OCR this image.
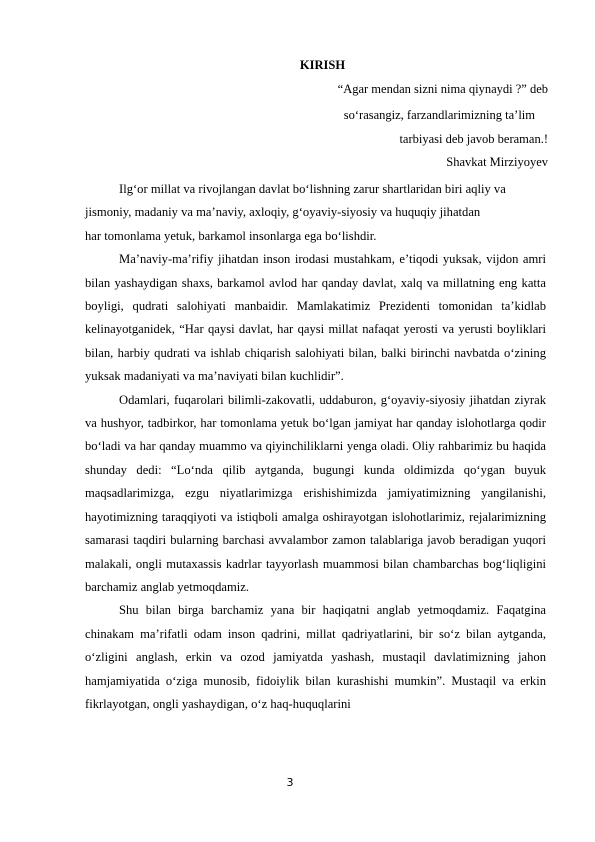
KIRISH
“Agar mendan sizni nima qiynaydi ?” deb
so‘rasangiz, farzandlarimizning ta’lim
tarbiyasi deb javob beraman.!
Shavkat Mirziyoyev

Ilg‘or millat va rivojlangan davlat bo‘lishning zarur shartlaridan biri aqliy va
jismoniy, madaniy va ma’naviy, axloqiy, g‘oyaviy-siyosiy va huquqiy jihatdan
har tomonlama yetuk, barkamol insonlarga ega bo‘lishdir.

Ma’naviy-ma’rifiy jihatdan inson irodasi mustahkam, e’tiqodi yuksak, vijdon amri bilan yashaydigan shaxs, barkamol avlod har qanday davlat, xalq va millatning eng katta boyligi, qudrati salohiyati manbaidir. Mamlakatimiz Prezidenti tomonidan ta’kidlab kelinayotganidek, “Har qaysi davlat, har qaysi millat nafaqat yerosti va yerusti boyliklari bilan, harbiy qudrati va ishlab chiqarish salohiyati bilan, balki birinchi navbatda o‘zining yuksak madaniyati va ma’naviyati bilan kuchlidir”.

Odamlari, fuqarolari bilimli-zakovatli, uddaburon, g‘oyaviy-siyosiy jihatdan ziyrak va hushyor, tadbirkor, har tomonlama yetuk bo‘lgan jamiyat har qanday islohotlarga qodir bo‘ladi va har qanday muammo va qiyinchiliklarni yenga oladi. Oliy rahbarimiz bu haqida shunday dedi: “Lo‘nda qilib aytganda, bugungi kunda oldimizda qo‘ygan buyuk maqsadlarimizga, ezgu niyatlarimizga erishishimizda jamiyatimizning yangilanishi, hayotimizning taraqqiyoti va istiqboli amalga oshirayotgan islohotlarimiz, rejalarimizning samarasi taqdiri bularning barchasi avvalambor zamon talablariga javob beradigan yuqori malakali, ongli mutaxassis kadrlar tayyorlash muammosi bilan chambarchas bog‘liqligini barchamiz anglab yetmoqdamiz.

Shu bilan birga barchamiz yana bir haqiqatni anglab yetmoqdamiz. Faqatgina chinakam ma’rifatli odam inson qadrini, millat qadriyatlarini, bir so‘z bilan aytganda, o‘zligini anglash, erkin va ozod jamiyatda yashash, mustaqil davlatimizning jahon hamjamiyatida o‘ziga munosib, fidoiylik bilan kurashishi mumkin”. Mustaqil va erkin fikrlayotgan, ongli yashaydigan, o‘z haq-huquqlarini

3
